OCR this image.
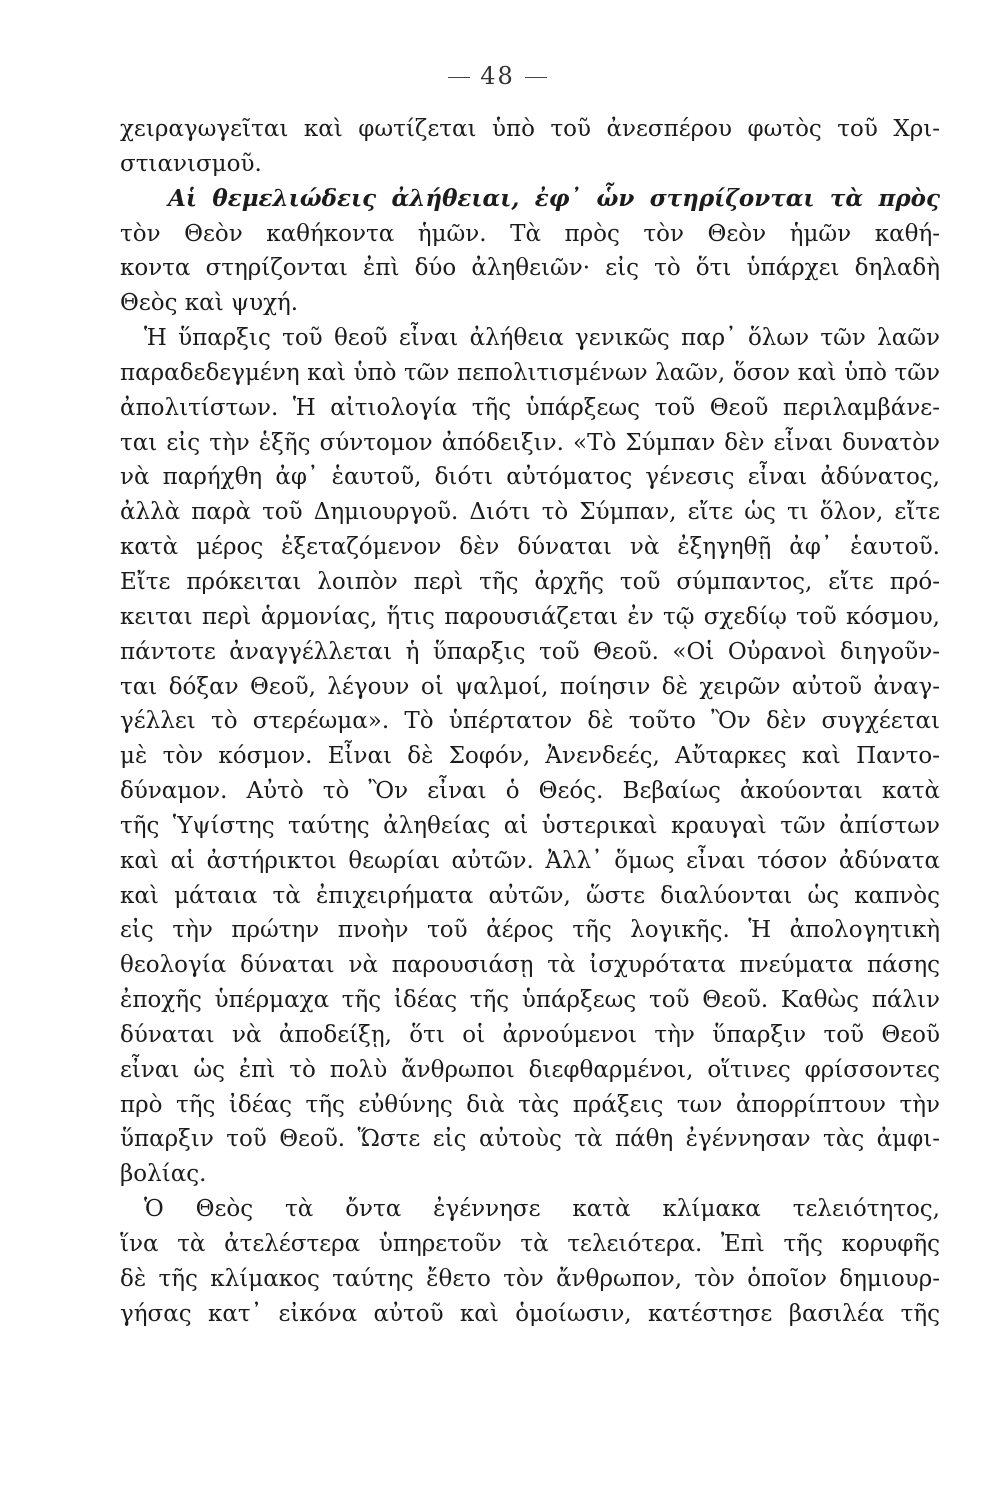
48
χειραγωγεῖται καὶ φωτίζεται ὑπὸ τοῦ ἀνεσπέρου φωτὸς τοῦ Χρι-
στιανισμοῦ.
Αἱ θεμελιώδεις ἀλήθειαι, ἐφ᾽ ὧν στηρίζονται τὰ πρὸς
τὸν Θεὸν καθήκοντα ἡμῶν. Τὰ πρὸς τὸν Θεὸν ἡμῶν καθή-
κοντα στηρίζονται ἐπὶ δύο ἀληθειῶν· εἰς τὸ ὅτι ὑπάρχει δηλαδὴ
Θεὸς καὶ ψυχή.
Ἡ ὕπαρξις τοῦ θεοῦ εἶναι ἀλήθεια γενικῶς παρ᾽ ὅλων τῶν λαῶν
παραδεδεγμένη καὶ ὑπὸ τῶν πεπολιτισμένων λαῶν, ὅσον καὶ ὑπὸ τῶν
ἀπολιτίστων. Ἡ αἰτιολογία τῆς ὑπάρξεως τοῦ Θεοῦ περιλαμβάνε-
ται εἰς τὴν ἑξῆς σύντομον ἀπόδειξιν. «Τὸ Σύμπαν δὲν εἶναι δυνατὸν
νὰ παρήχθη ἀφ᾽ ἑαυτοῦ, διότι αὐτόματος γένεσις εἶναι ἀδύνατος,
ἀλλὰ παρὰ τοῦ Δημιουργοῦ. Διότι τὸ Σύμπαν, εἴτε ὡς τι ὅλον, εἴτε
κατὰ μέρος ἐξεταζόμενον δὲν δύναται νὰ ἐξηγηθῇ ἀφ᾽ ἑαυτοῦ.
Εἴτε πρόκειται λοιπὸν περὶ τῆς ἀρχῆς τοῦ σύμπαντος, εἴτε πρό-
κειται περὶ ἁρμονίας, ἥτις παρουσιάζεται ἐν τῷ σχεδίῳ τοῦ κόσμου,
πάντοτε ἀναγγέλλεται ἡ ὕπαρξις τοῦ Θεοῦ. «Οἱ Οὐρανοὶ διηγοῦν-
ται δόξαν Θεοῦ, λέγουν οἱ ψαλμοί, ποίησιν δὲ χειρῶν αὐτοῦ ἀναγ-
γέλλει τὸ στερέωμα». Τὸ ὑπέρτατον δὲ τοῦτο Ὂν δὲν συγχέεται
μὲ τὸν κόσμον. Εἶναι δὲ Σοφόν, Ἀνενδεές, Αὔταρκες καὶ Παντο-
δύναμον. Αὐτὸ τὸ Ὂν εἶναι ὁ Θεός. Βεβαίως ἀκούονται κατὰ
τῆς Ὑψίστης ταύτης ἀληθείας αἱ ὑστερικαὶ κραυγαὶ τῶν ἀπίστων
καὶ αἱ ἀστήρικτοι θεωρίαι αὐτῶν. Ἀλλ᾽ ὅμως εἶναι τόσον ἀδύνατα
καὶ μάταια τὰ ἐπιχειρήματα αὐτῶν, ὥστε διαλύονται ὡς καπνὸς
εἰς τὴν πρώτην πνοὴν τοῦ ἀέρος τῆς λογικῆς. Ἡ ἀπολογητικὴ
θεολογία δύναται νὰ παρουσιάσῃ τὰ ἰσχυρότατα πνεύματα πάσης
ἐποχῆς ὑπέρμαχα τῆς ἰδέας τῆς ὑπάρξεως τοῦ Θεοῦ. Καθὼς πάλιν
δύναται νὰ ἀποδείξῃ, ὅτι οἱ ἀρνούμενοι τὴν ὕπαρξιν τοῦ Θεοῦ
εἶναι ὡς ἐπὶ τὸ πολὺ ἄνθρωποι διεφθαρμένοι, οἵτινες φρίσσοντες
πρὸ τῆς ἰδέας τῆς εὐθύνης διὰ τὰς πράξεις των ἀπορρίπτουν τὴν
ὕπαρξιν τοῦ Θεοῦ. Ὥστε εἰς αὐτοὺς τὰ πάθη ἐγέννησαν τὰς ἀμφι-
βολίας.
Ὁ Θεὸς τὰ ὄντα ἐγέννησε κατὰ κλίμακα τελειότητος,
ἵνα τὰ ἀτελέστερα ὑπηρετοῦν τὰ τελειότερα. Ἐπὶ τῆς κορυφῆς
δὲ τῆς κλίμακος ταύτης ἔθετο τὸν ἄνθρωπον, τὸν ὁποῖον δημιουρ-
γήσας κατ᾽ εἰκόνα αὐτοῦ καὶ ὁμοίωσιν, κατέστησε βασιλέα τῆς
